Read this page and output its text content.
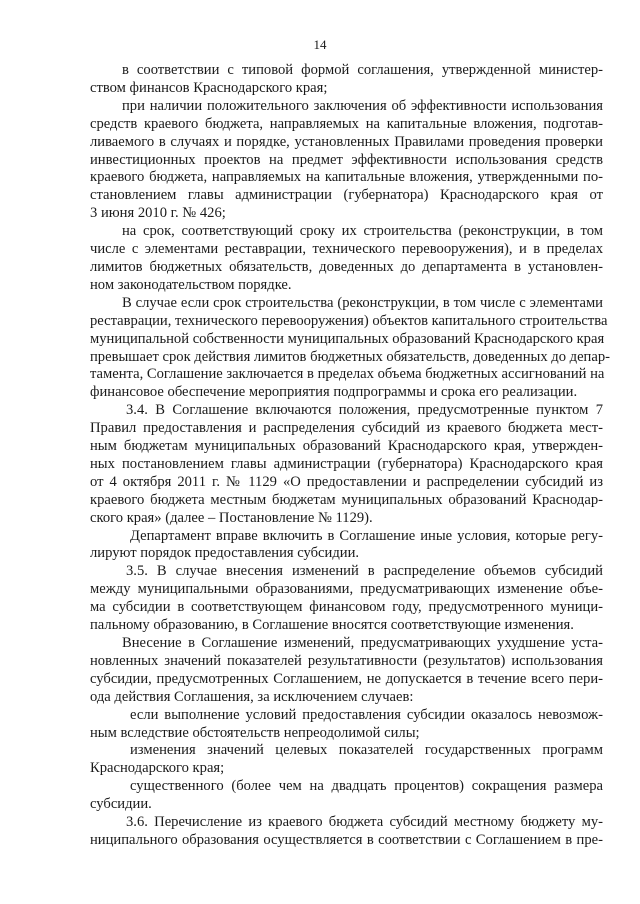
14
в соответствии с типовой формой соглашения, утвержденной министер-
ством финансов Краснодарского края;
при наличии положительного заключения об эффективности использования
средств краевого бюджета, направляемых на капитальные вложения, подготав-
ливаемого в случаях и порядке, установленных Правилами проведения проверки
инвестиционных проектов на предмет эффективности использования средств
краевого бюджета, направляемых на капитальные вложения, утвержденными по-
становлением главы администрации (губернатора) Краснодарского края от
3 июня 2010 г. № 426;
на срок, соответствующий сроку их строительства (реконструкции, в том
числе с элементами реставрации, технического перевооружения), и в пределах
лимитов бюджетных обязательств, доведенных до департамента в установлен-
ном законодательством порядке.
В случае если срок строительства (реконструкции, в том числе с элементами
реставрации, технического перевооружения) объектов капитального строительства
муниципальной собственности муниципальных образований Краснодарского края
превышает срок действия лимитов бюджетных обязательств, доведенных до депар-
тамента, Соглашение заключается в пределах объема бюджетных ассигнований на
финансовое обеспечение мероприятия подпрограммы и срока его реализации.
3.4. В Соглашение включаются положения, предусмотренные пунктом 7
Правил предоставления и распределения субсидий из краевого бюджета мест-
ным бюджетам муниципальных образований Краснодарского края, утвержден-
ных постановлением главы администрации (губернатора) Краснодарского края
от 4 октября 2011 г. № 1129 «О предоставлении и распределении субсидий из
краевого бюджета местным бюджетам муниципальных образований Краснодар-
ского края» (далее – Постановление № 1129).
Департамент вправе включить в Соглашение иные условия, которые регу-
лируют порядок предоставления субсидии.
3.5. В случае внесения изменений в распределение объемов субсидий
между муниципальными образованиями, предусматривающих изменение объе-
ма субсидии в соответствующем финансовом году, предусмотренного муници-
пальному образованию, в Соглашение вносятся соответствующие изменения.
Внесение в Соглашение изменений, предусматривающих ухудшение уста-
новленных значений показателей результативности (результатов) использования
субсидии, предусмотренных Соглашением, не допускается в течение всего пери-
ода действия Соглашения, за исключением случаев:
если выполнение условий предоставления субсидии оказалось невозмож-
ным вследствие обстоятельств непреодолимой силы;
изменения значений целевых показателей государственных программ
Краснодарского края;
существенного (более чем на двадцать процентов) сокращения размера
субсидии.
3.6. Перечисление из краевого бюджета субсидий местному бюджету му-
ниципального образования осуществляется в соответствии с Соглашением в пре-
